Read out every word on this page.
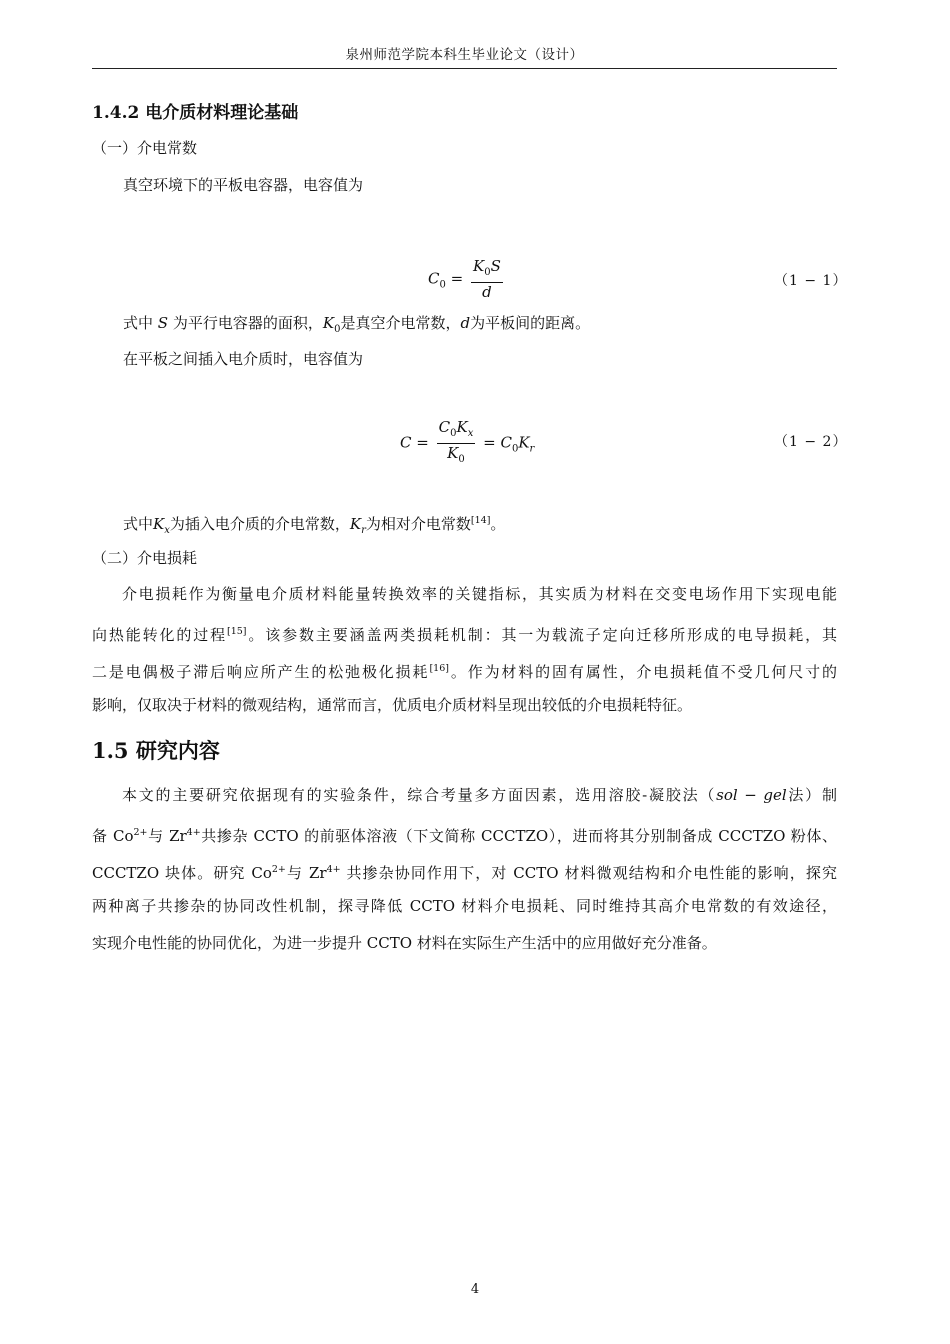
泉州师范学院本科生毕业论文（设计）
1.4.2 电介质材料理论基础
（一）介电常数
真空环境下的平板电容器，电容值为
$C_0 = \frac{K_0S}{d}$	（1 − 1）
式中 S 为平行电容器的面积，$K_0$是真空介电常数，d为平板间的距离。
在平板之间插入电介质时，电容值为
$C = \frac{C_0K_x}{K_0} = C_0K_r$	（1 − 2）
式中$K_x$为插入电介质的介电常数，$K_r$为相对介电常数[14]。
（二）介电损耗
介电损耗作为衡量电介质材料能量转换效率的关键指标，其实质为材料在交变电场作用下实现电能
向热能转化的过程[15]。该参数主要涵盖两类损耗机制：其一为载流子定向迁移所形成的电导损耗，其
二是电偶极子滞后响应所产生的松弛极化损耗[16]。作为材料的固有属性，介电损耗值不受几何尺寸的
影响，仅取决于材料的微观结构，通常而言，优质电介质材料呈现出较低的介电损耗特征。
1.5 研究内容
本文的主要研究依据现有的实验条件，综合考量多方面因素，选用溶胶-凝胶法（sol − gel法）制
备 Co$^{2+}$与 Zr$^{4+}$共掺杂 CCTO 的前驱体溶液（下文简称 CCCTZO），进而将其分别制备成 CCCTZO 粉体、
CCCTZO 块体。研究 Co$^{2+}$与 Zr$^{4+}$ 共掺杂协同作用下，对 CCTO 材料微观结构和介电性能的影响，探究
两种离子共掺杂的协同改性机制，探寻降低 CCTO 材料介电损耗、同时维持其高介电常数的有效途径，
实现介电性能的协同优化，为进一步提升 CCTO 材料在实际生产生活中的应用做好充分准备。
4
